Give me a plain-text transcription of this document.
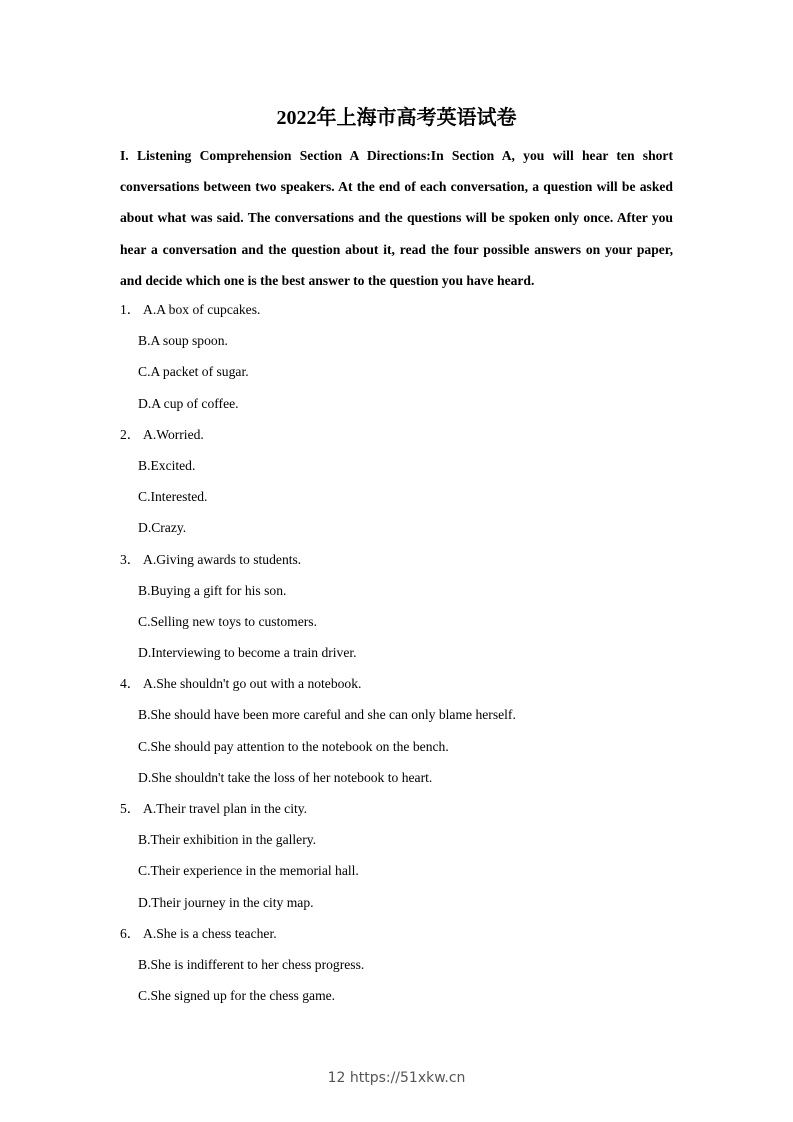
2022年上海市高考英语试卷
I. Listening Comprehension Section A Directions:In Section A, you will hear ten short conversations between two speakers. At the end of each conversation, a question will be asked about what was said. The conversations and the questions will be spoken only once. After you hear a conversation and the question about it, read the four possible answers on your paper, and decide which one is the best answer to the question you have heard.
1． A.A box of cupcakes.
B.A soup spoon.
C.A packet of sugar.
D.A cup of coffee.
2． A.Worried.
B.Excited.
C.Interested.
D.Crazy.
3． A.Giving awards to students.
B.Buying a gift for his son.
C.Selling new toys to customers.
D.Interviewing to become a train driver.
4． A.She shouldn't go out with a notebook.
B.She should have been more careful and she can only blame herself.
C.She should pay attention to the notebook on the bench.
D.She shouldn't take the loss of her notebook to heart.
5． A.Their travel plan in the city.
B.Their exhibition in the gallery.
C.Their experience in the memorial hall.
D.Their journey in the city map.
6． A.She is a chess teacher.
B.She is indifferent to her chess progress.
C.She signed up for the chess game.
12 https://51xkw.cn
